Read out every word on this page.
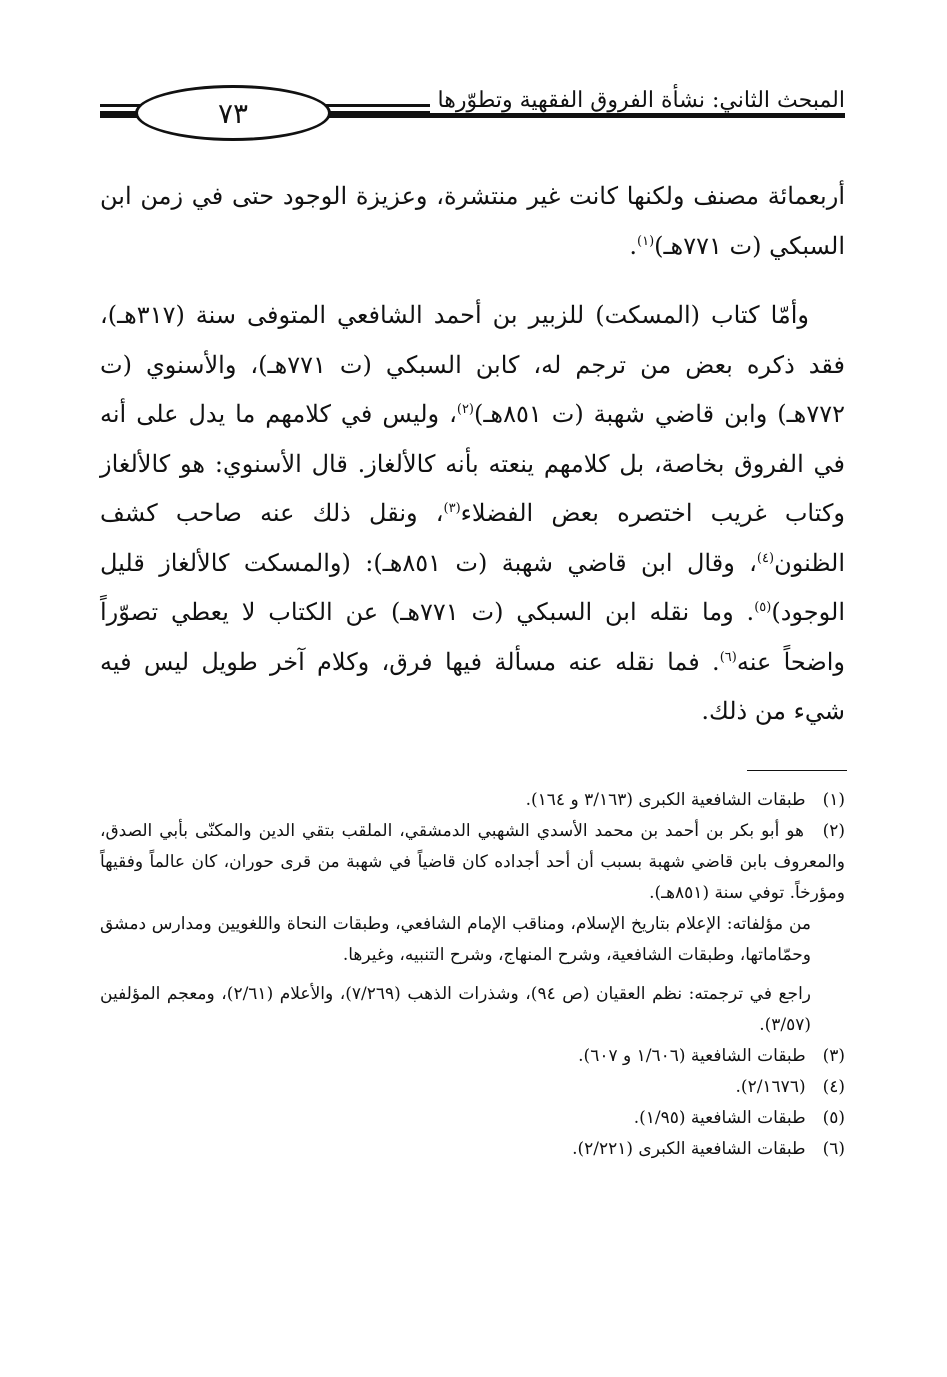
٧٣	المبحث الثاني: نشأة الفروق الفقهية وتطوّرها

أربعمائة مصنف ولكنها كانت غير منتشرة، وعزيزة الوجود حتى في زمن ابن السبكي (ت ٧٧١هـ)$^{(١)}$.

وأمّا كتاب (المسكت) للزبير بن أحمد الشافعي المتوفى سنة (٣١٧هـ)، فقد ذكره بعض من ترجم له، كابن السبكي (ت ٧٧١هـ)، والأسنوي (ت ٧٧٢هـ) وابن قاضي شهبة (ت ٨٥١هـ)$^{(٢)}$، وليس في كلامهم ما يدل على أنه في الفروق بخاصة، بل كلامهم ينعته بأنه كالألغاز. قال الأسنوي: هو كالألغاز وكتاب غريب اختصره بعض الفضلاء$^{(٣)}$، ونقل ذلك عنه صاحب كشف الظنون$^{(٤)}$، وقال ابن قاضي شهبة (ت ٨٥١هـ): (والمسكت كالألغاز قليل الوجود)$^{(٥)}$. وما نقله ابن السبكي (ت ٧٧١هـ) عن الكتاب لا يعطي تصوّراً واضحاً عنه$^{(٦)}$. فما نقله عنه مسألة فيها فرق، وكلام آخر طويل ليس فيه شيء من ذلك.

(١) طبقات الشافعية الكبرى (٣/١٦٣ و ١٦٤).

(٢) هو أبو بكر بن أحمد بن محمد الأسدي الشهبي الدمشقي، الملقب بتقي الدين والمكنّى بأبي الصدق، والمعروف بابن قاضي شهبة بسبب أن أحد أجداده كان قاضياً في شهبة من قرى حوران، كان عالماً وفقيهاً ومؤرخاً. توفي سنة (٨٥١هـ).

من مؤلفاته: الإعلام بتاريخ الإسلام، ومناقب الإمام الشافعي، وطبقات النحاة واللغويين ومدارس دمشق وحمّاماتها، وطبقات الشافعية، وشرح المنهاج، وشرح التنبيه، وغيرها.

راجع في ترجمته: نظم العقيان (ص ٩٤)، وشذرات الذهب (٧/٢٦٩)، والأعلام (٢/٦١)، ومعجم المؤلفين (٣/٥٧).

(٣) طبقات الشافعية (١/٦٠٦ و ٦٠٧).

(٤) (٢/١٦٧٦).

(٥) طبقات الشافعية (١/٩٥).

(٦) طبقات الشافعية الكبرى (٢/٢٢١).
